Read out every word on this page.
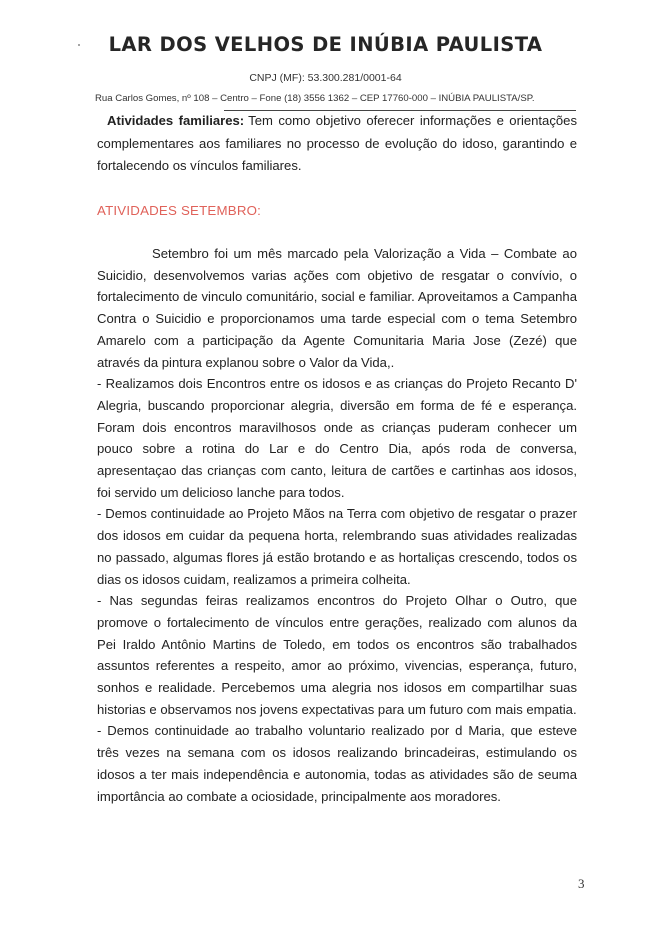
LAR DOS VELHOS DE INÚBIA PAULISTA
CNPJ (MF): 53.300.281/0001-64
Rua Carlos Gomes, nº 108 – Centro – Fone (18) 3556 1362 – CEP 17760-000 – INÚBIA PAULISTA/SP.
Atividades familiares: Tem como objetivo oferecer informações e orientações complementares aos familiares no processo de evolução do idoso, garantindo e fortalecendo os vínculos familiares.
ATIVIDADES SETEMBRO:

Setembro foi um mês marcado pela Valorização a Vida – Combate ao Suicidio, desenvolvemos varias ações com objetivo de resgatar o convívio, o fortalecimento de vinculo comunitário, social e familiar. Aproveitamos a Campanha Contra o Suicidio e proporcionamos uma tarde especial com o tema Setembro Amarelo com a participação da Agente Comunitaria Maria Jose (Zezé) que através da pintura explanou sobre o Valor da Vida,.

- Realizamos dois Encontros entre os idosos e as crianças do Projeto Recanto D' Alegria, buscando proporcionar alegria, diversão em forma de fé e esperança. Foram dois encontros maravilhosos onde as crianças puderam conhecer um pouco sobre a rotina do Lar e do Centro Dia, após roda de conversa, apresentaçao das crianças com canto, leitura de cartões e cartinhas aos idosos, foi servido um delicioso lanche para todos.

- Demos continuidade ao Projeto Mãos na Terra com objetivo de resgatar o prazer dos idosos em cuidar da pequena horta, relembrando suas atividades realizadas no passado, algumas flores já estão brotando e as hortaliças crescendo, todos os dias os idosos cuidam, realizamos a primeira colheita.

- Nas segundas feiras realizamos encontros do Projeto Olhar o Outro, que promove o fortalecimento de vínculos entre gerações, realizado com alunos da Pei Iraldo Antônio Martins de Toledo, em todos os encontros são trabalhados assuntos referentes a respeito, amor ao próximo, vivencias, esperança, futuro, sonhos e realidade. Percebemos uma alegria nos idosos em compartilhar suas historias e observamos nos jovens expectativas para um futuro com mais empatia.

- Demos continuidade ao trabalho voluntario realizado por d Maria, que esteve três vezes na semana com os idosos realizando brincadeiras, estimulando os idosos a ter mais independência e autonomia, todas as atividades são de seuma importância ao combate a ociosidade, principalmente aos moradores.

3
